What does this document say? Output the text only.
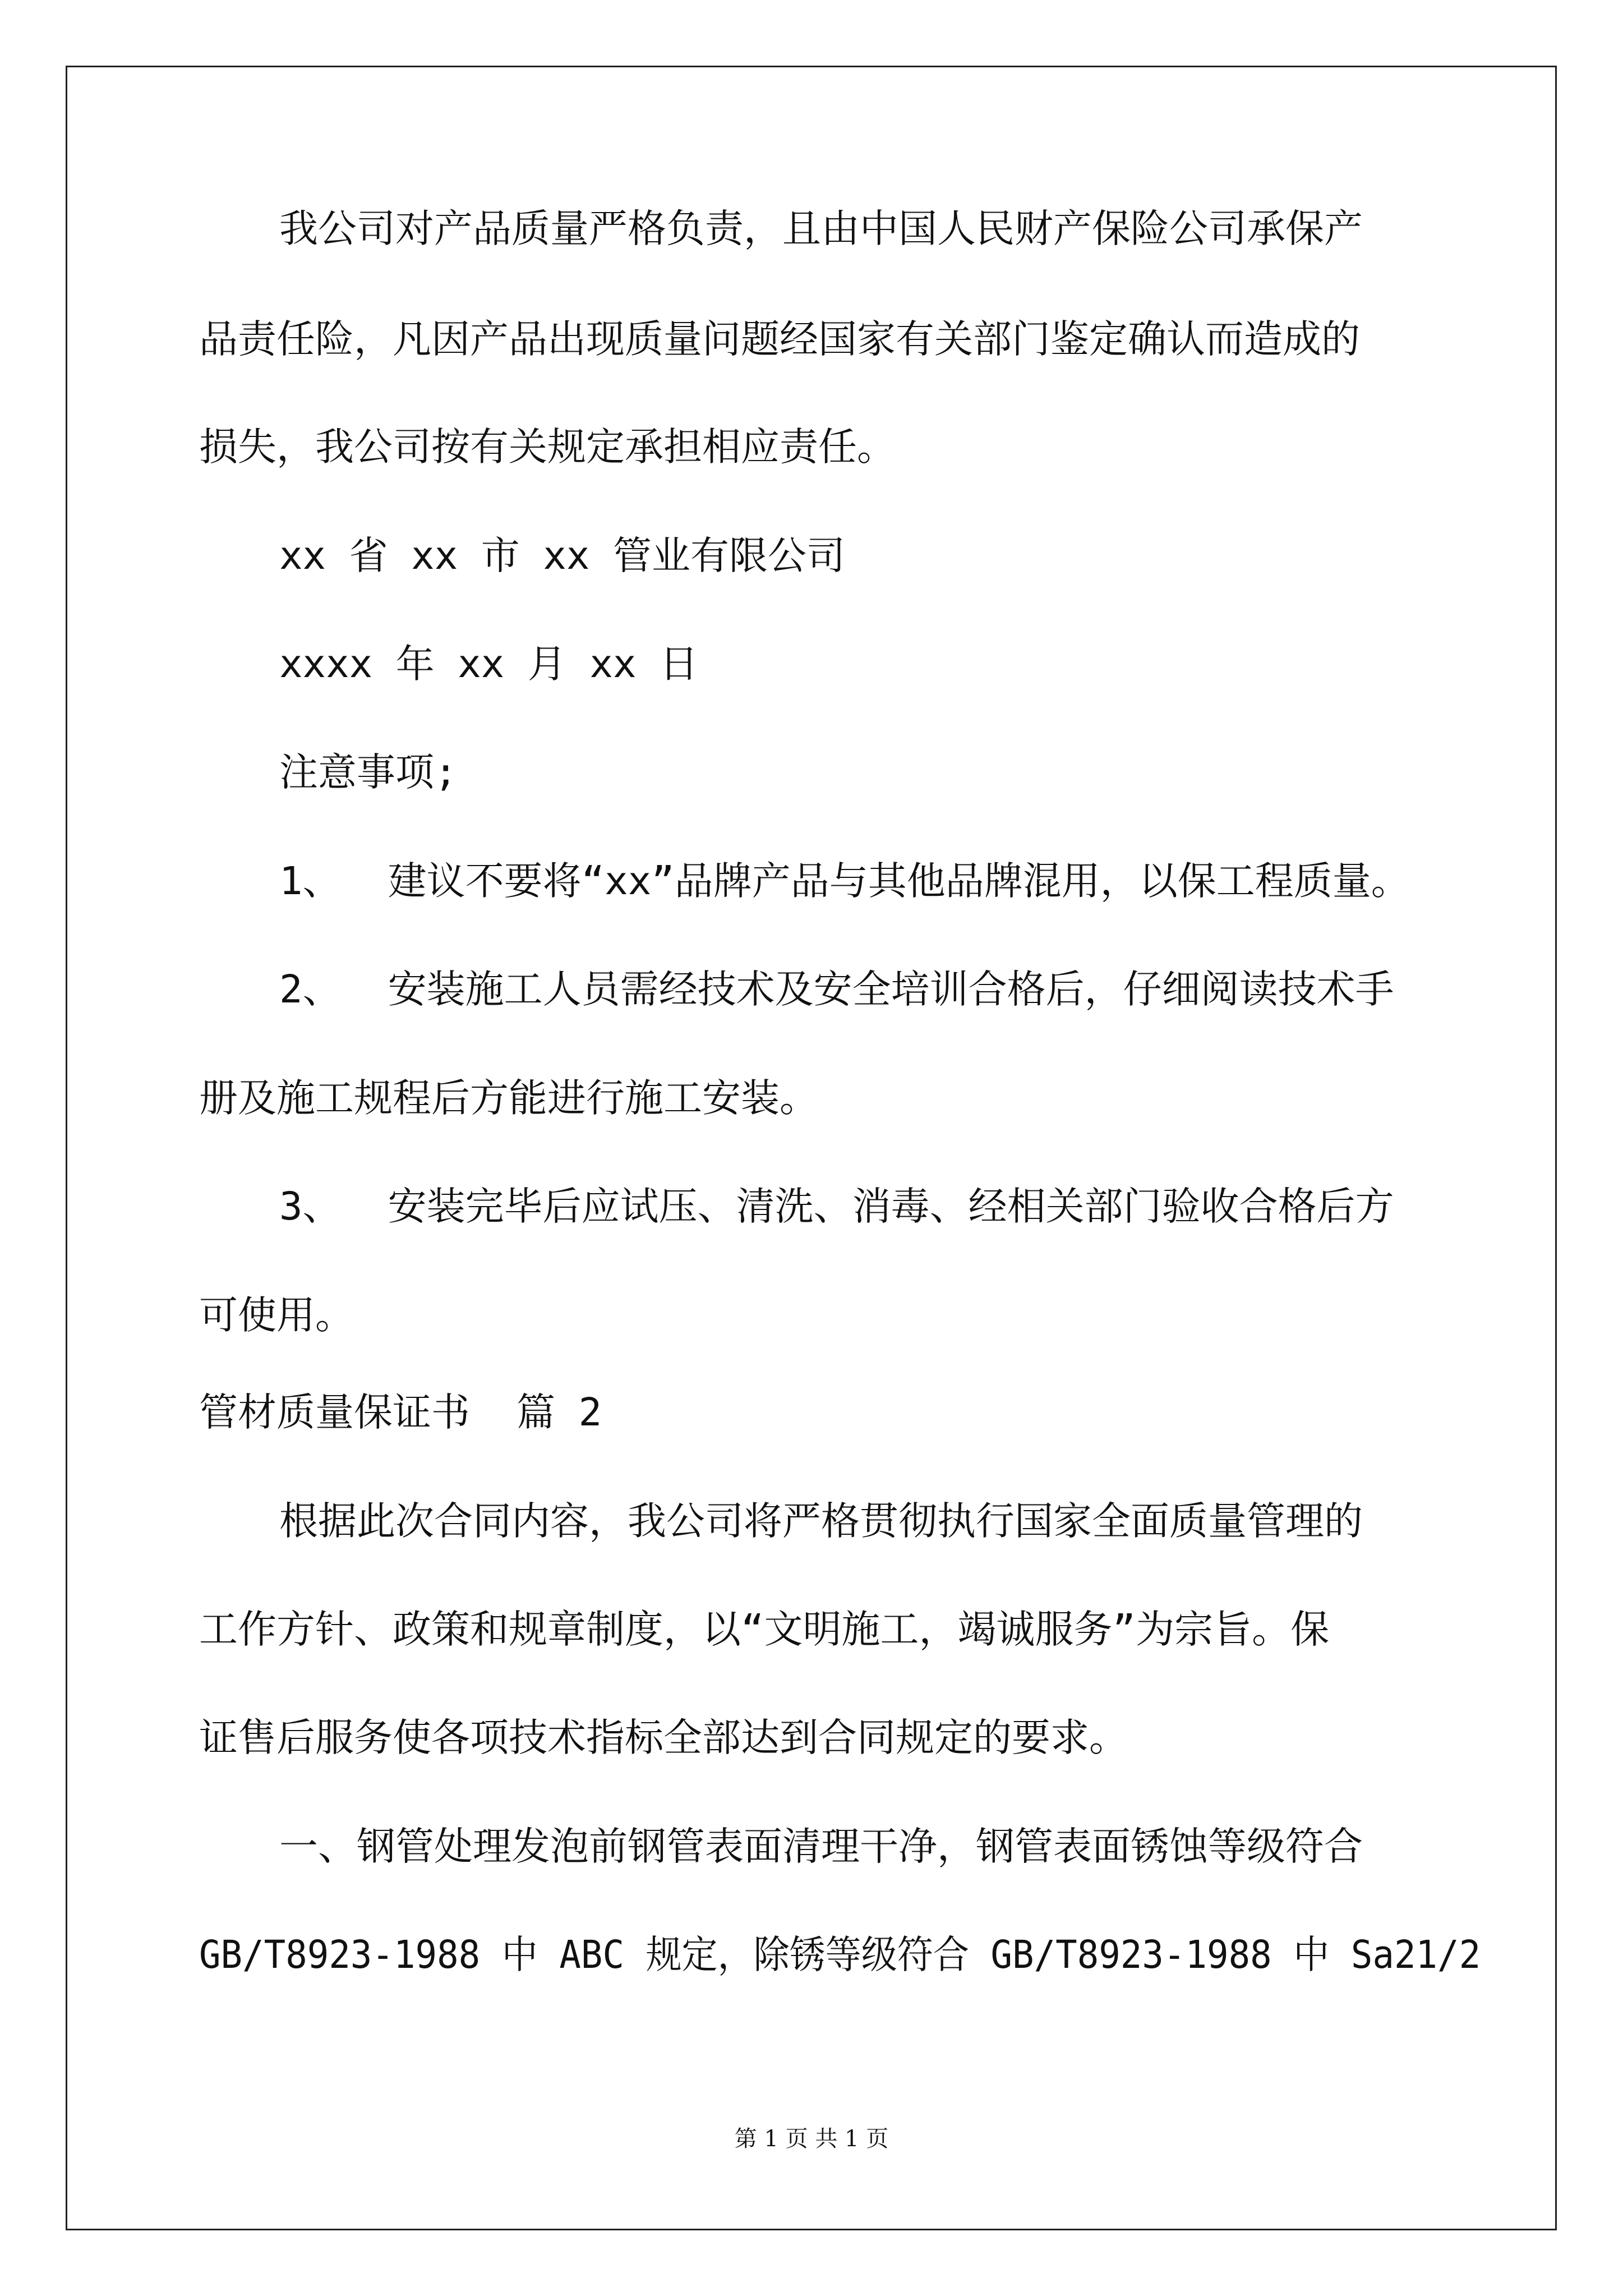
我公司对产品质量严格负责，且由中国人民财产保险公司承保产

品责任险，凡因产品出现质量问题经国家有关部门鉴定确认而造成的

损失，我公司按有关规定承担相应责任。

xx 省 xx 市 xx 管业有限公司

xxxx 年 xx 月 xx 日

注意事项;

1、  建议不要将“xx”品牌产品与其他品牌混用，以保工程质量。

2、  安装施工人员需经技术及安全培训合格后，仔细阅读技术手

册及施工规程后方能进行施工安装。

3、  安装完毕后应试压、清洗、消毒、经相关部门验收合格后方

可使用。

管材质量保证书  篇 2

根据此次合同内容，我公司将严格贯彻执行国家全面质量管理的

工作方针、政策和规章制度，以“文明施工，竭诚服务”为宗旨。保

证售后服务使各项技术指标全部达到合同规定的要求。

一、钢管处理发泡前钢管表面清理干净，钢管表面锈蚀等级符合

GB/T8923-1988 中 ABC 规定，除锈等级符合 GB/T8923-1988 中 Sa21/2

第 1 页 共 1 页
